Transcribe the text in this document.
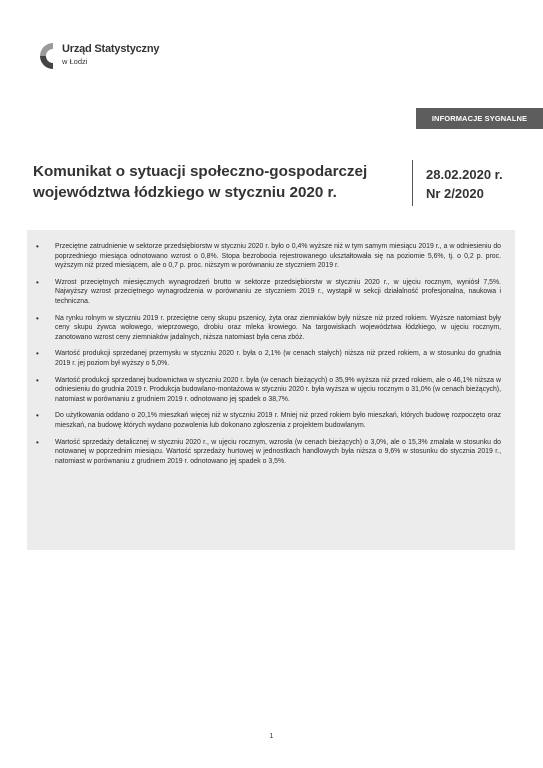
Urząd Statystyczny
w Łodzi
INFORMACJE SYGNALNE
Komunikat o sytuacji społeczno-gospodarczej
województwa łódzkiego w styczniu 2020 r.
28.02.2020 r.
Nr 2/2020
• Przeciętne zatrudnienie w sektorze przedsiębiorstw w styczniu 2020 r. było o 0,4% wyższe niż w tym samym miesiącu 2019 r., a w odniesieniu do poprzedniego miesiąca odnotowano wzrost o 0,8%. Stopa bezrobocia rejestrowanego ukształtowała się na poziomie 5,6%, tj. o 0,2 p. proc. wyższym niż przed miesiącem, ale o 0,7 p. proc. niższym w porównaniu ze styczniem 2019 r.
• Wzrost przeciętnych miesięcznych wynagrodzeń brutto w sektorze przedsiębiorstw w styczniu 2020 r., w ujęciu rocznym, wyniósł 7,5%. Najwyższy wzrost przeciętnego wynagrodzenia w porównaniu ze styczniem 2019 r., wystąpił w sekcji działalność profesjonalna, naukowa i techniczna.
• Na rynku rolnym w styczniu 2019 r. przeciętne ceny skupu pszenicy, żyta oraz ziemniaków były niższe niż przed rokiem. Wyższe natomiast były ceny skupu żywca wołowego, wieprzowego, drobiu oraz mleka krowiego. Na targowiskach województwa łódzkiego, w ujęciu rocznym, zanotowano wzrost ceny ziemniaków jadalnych, niższa natomiast była cena zbóż.
• Wartość produkcji sprzedanej przemysłu w styczniu 2020 r. była o 2,1% (w cenach stałych) niższa niż przed rokiem, a w stosunku do grudnia 2019 r. jej poziom był wyższy o 5,0%.
• Wartość produkcji sprzedanej budownictwa w styczniu 2020 r. była (w cenach bieżących) o 35,9% wyższa niż przed rokiem, ale o 46,1% niższa w odniesieniu do grudnia 2019 r. Produkcja budowlano-montażowa w styczniu 2020 r. była wyższa w ujęciu rocznym o 31,0% (w cenach bieżących), natomiast w porównaniu z grudniem 2019 r. odnotowano jej spadek o 38,7%.
• Do użytkowania oddano o 20,1% mieszkań więcej niż w styczniu 2019 r. Mniej niż przed rokiem było mieszkań, których budowę rozpoczęto oraz mieszkań, na budowę których wydano pozwolenia lub dokonano zgłoszenia z projektem budowlanym.
• Wartość sprzedaży detalicznej w styczniu 2020 r., w ujęciu rocznym, wzrosła (w cenach bieżących) o 3,0%, ale o 15,3% zmalała w stosunku do notowanej w poprzednim miesiącu. Wartość sprzedaży hurtowej w jednostkach handlowych była niższa o 9,6% w stosunku do stycznia 2019 r., natomiast w porównaniu z grudniem 2019 r. odnotowano jej spadek o 3,5%.
1
